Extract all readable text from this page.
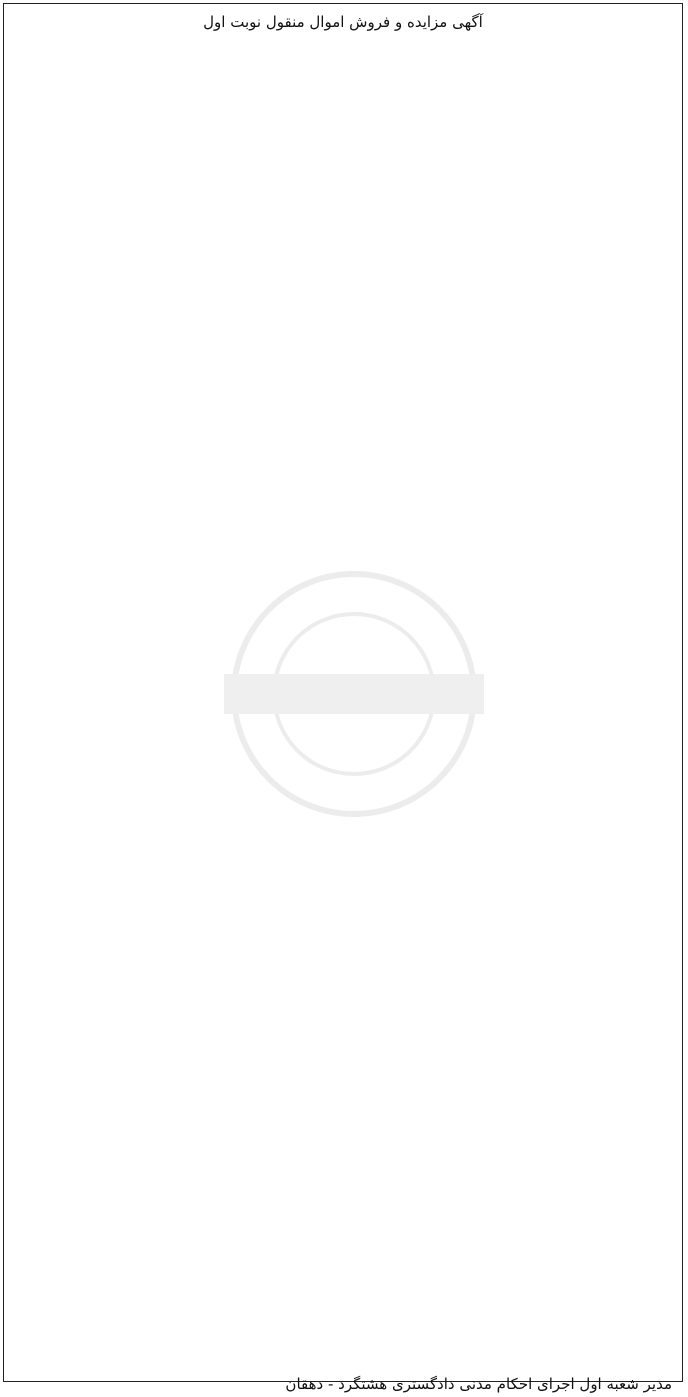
آگهی مزایده و فروش اموال منقول نوبت اول
مدیر شعبه اول اجرای احکام مدنی دادگستری هشتگرد - دهقان
